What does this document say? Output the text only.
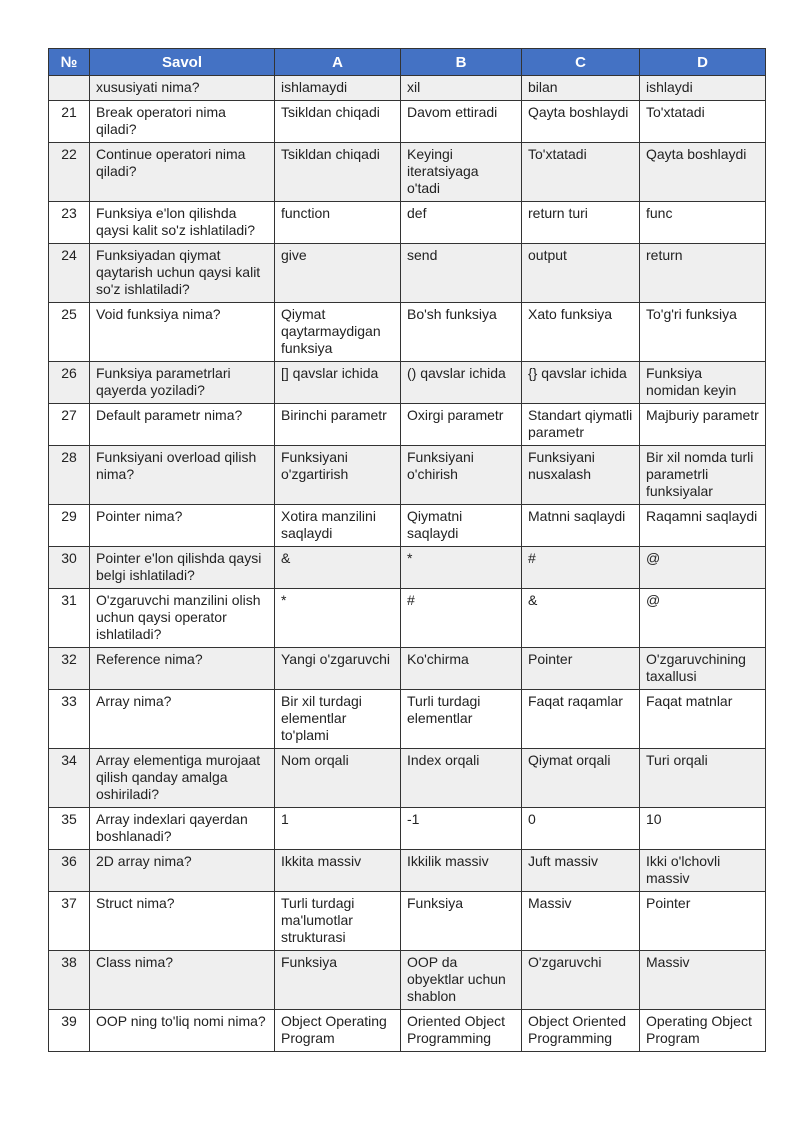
№	Savol	A	B	C	D
	xususiyati nima?	ishlamaydi	xil	bilan	ishlaydi
21	Break operatori nima qiladi?	Tsikldan chiqadi	Davom ettiradi	Qayta boshlaydi	To'xtatadi
22	Continue operatori nima qiladi?	Tsikldan chiqadi	Keyingi iteratsiyaga o'tadi	To'xtatadi	Qayta boshlaydi
23	Funksiya e'lon qilishda qaysi kalit so'z ishlatiladi?	function	def	return turi	func
24	Funksiyadan qiymat qaytarish uchun qaysi kalit so'z ishlatiladi?	give	send	output	return
25	Void funksiya nima?	Qiymat qaytarmaydigan funksiya	Bo'sh funksiya	Xato funksiya	To'g'ri funksiya
26	Funksiya parametrlari qayerda yoziladi?	[] qavslar ichida	() qavslar ichida	{} qavslar ichida	Funksiya nomidan keyin
27	Default parametr nima?	Birinchi parametr	Oxirgi parametr	Standart qiymatli parametr	Majburiy parametr
28	Funksiyani overload qilish nima?	Funksiyani o'zgartirish	Funksiyani o'chirish	Funksiyani nusxalash	Bir xil nomda turli parametrli funksiyalar
29	Pointer nima?	Xotira manzilini saqlaydi	Qiymatni saqlaydi	Matnni saqlaydi	Raqamni saqlaydi
30	Pointer e'lon qilishda qaysi belgi ishlatiladi?	&	*	#	@
31	O'zgaruvchi manzilini olish uchun qaysi operator ishlatiladi?	*	#	&	@
32	Reference nima?	Yangi o'zgaruvchi	Ko'chirma	Pointer	O'zgaruvchining taxallusi
33	Array nima?	Bir xil turdagi elementlar to'plami	Turli turdagi elementlar	Faqat raqamlar	Faqat matnlar
34	Array elementiga murojaat qilish qanday amalga oshiriladi?	Nom orqali	Index orqali	Qiymat orqali	Turi orqali
35	Array indexlari qayerdan boshlanadi?	1	-1	0	10
36	2D array nima?	Ikkita massiv	Ikkilik massiv	Juft massiv	Ikki o'lchovli massiv
37	Struct nima?	Turli turdagi ma'lumotlar strukturasi	Funksiya	Massiv	Pointer
38	Class nima?	Funksiya	OOP da obyektlar uchun shablon	O'zgaruvchi	Massiv
39	OOP ning to'liq nomi nima?	Object Operating Program	Oriented Object Programming	Object Oriented Programming	Operating Object Program
